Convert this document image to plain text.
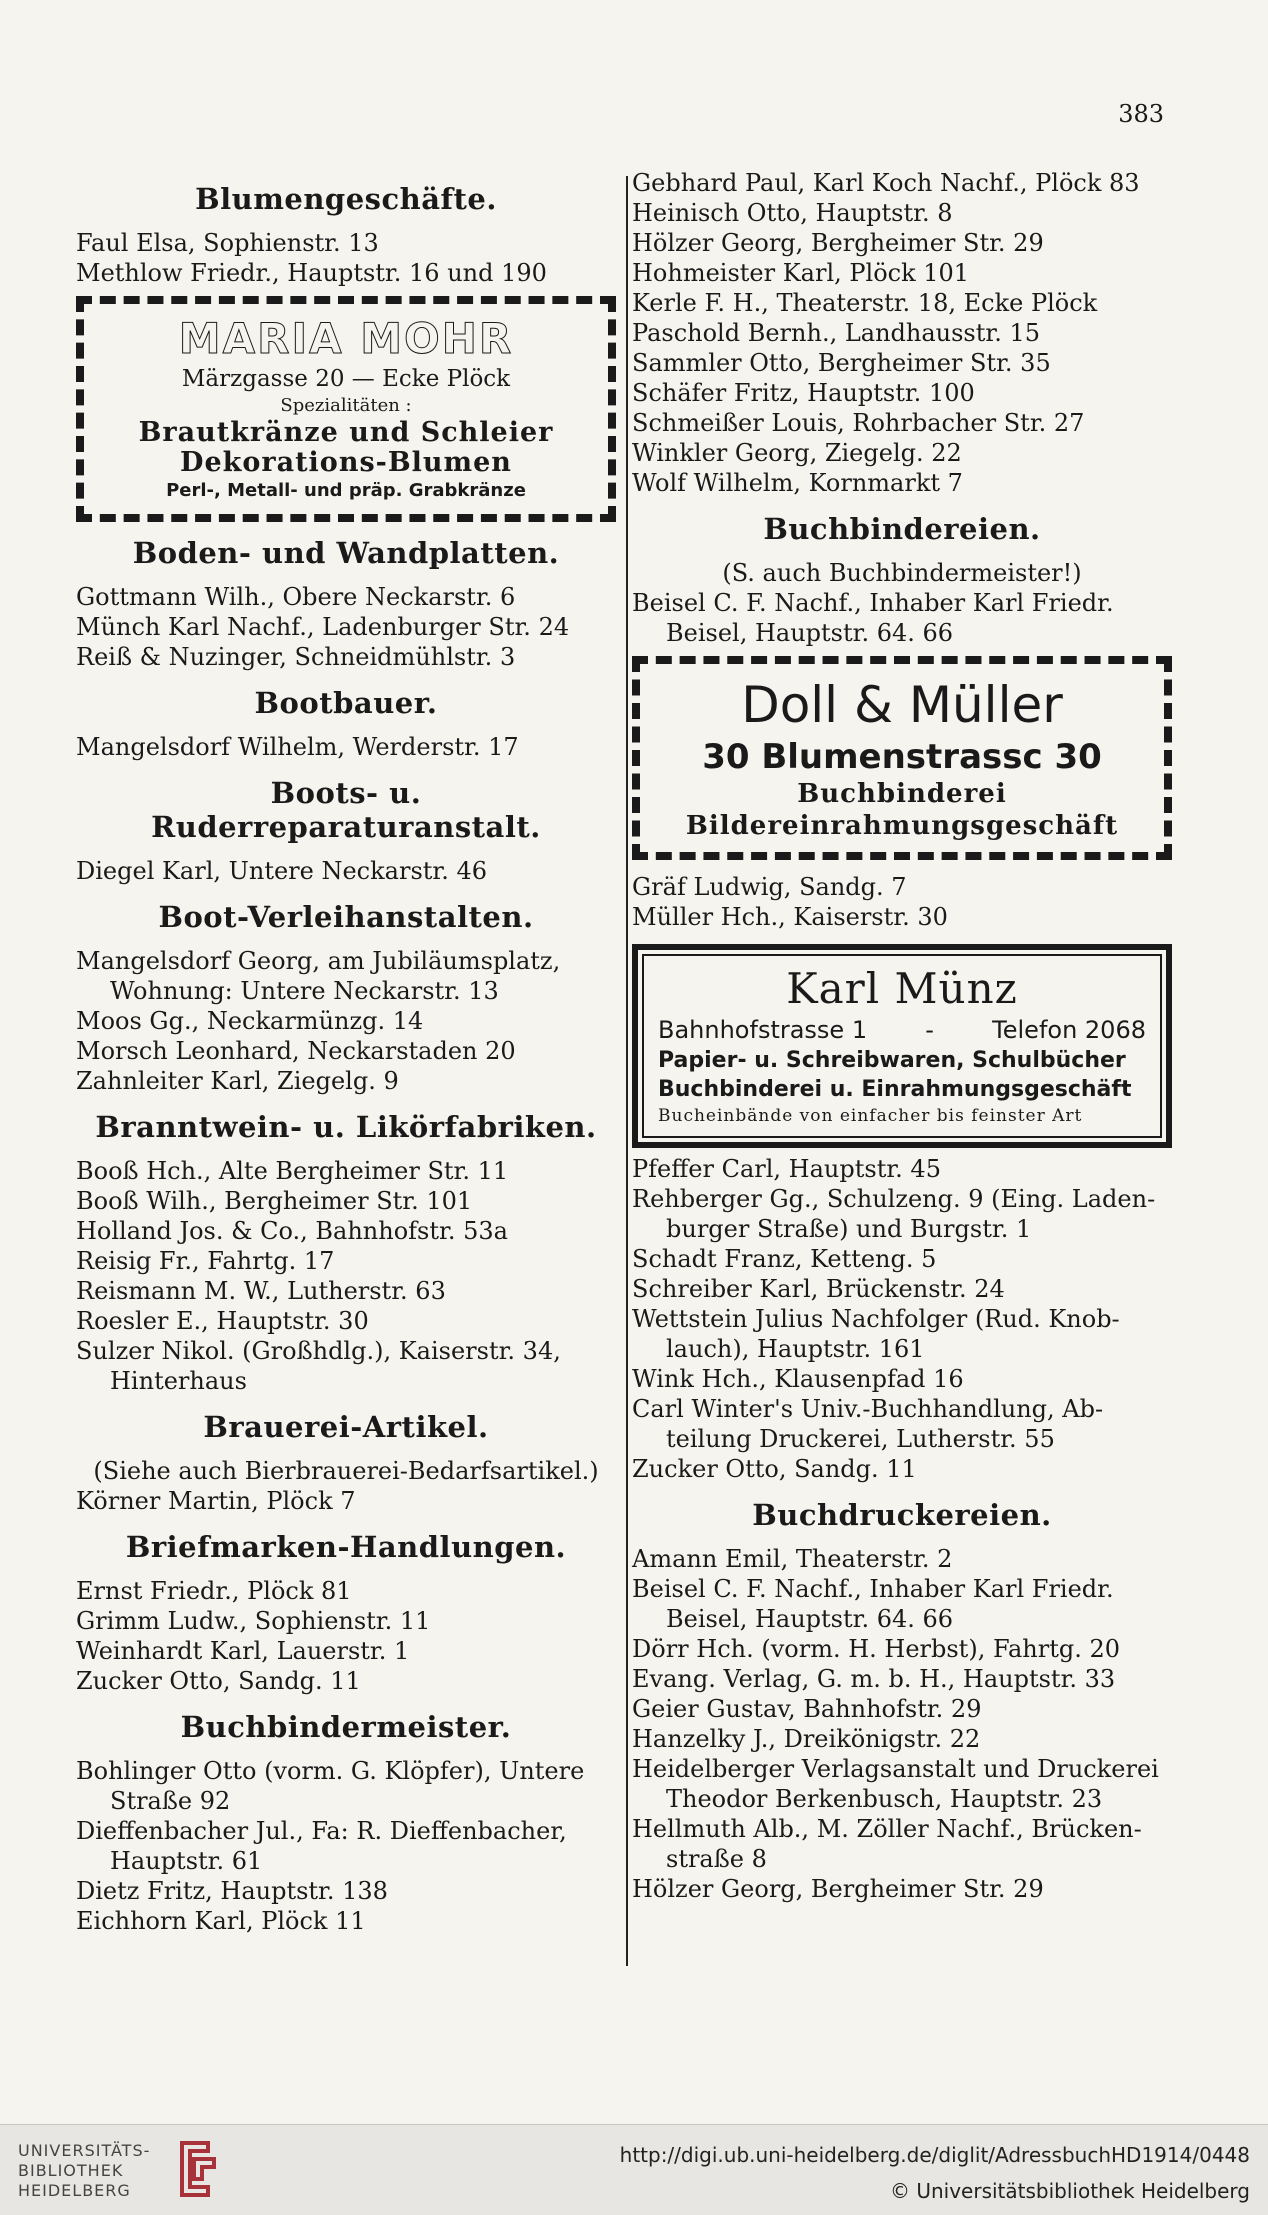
383
Blumengeschäfte.
Faul Elsa, Sophienstr. 13
Methlow Friedr., Hauptstr. 16 und 190
MARIA MOHR
Märzgasse 20 — Ecke Plöck
Spezialitäten :
Brautkränze und Schleier
Dekorations-Blumen
Perl-, Metall- und präp. Grabkränze
Boden- und Wandplatten.
Gottmann Wilh., Obere Neckarstr. 6
Münch Karl Nachf., Ladenburger Str. 24
Reiß & Nuzinger, Schneidmühlstr. 3
Bootbauer.
Mangelsdorf Wilhelm, Werderstr. 17
Boots- u. Ruderreparaturanstalt.
Diegel Karl, Untere Neckarstr. 46
Boot-Verleihanstalten.
Mangelsdorf Georg, am Jubiläumsplatz,
Wohnung: Untere Neckarstr. 13
Moos Gg., Neckarmünzg. 14
Morsch Leonhard, Neckarstaden 20
Zahnleiter Karl, Ziegelg. 9
Branntwein- u. Likörfabriken.
Booß Hch., Alte Bergheimer Str. 11
Booß Wilh., Bergheimer Str. 101
Holland Jos. & Co., Bahnhofstr. 53a
Reisig Fr., Fahrtg. 17
Reismann M. W., Lutherstr. 63
Roesler E., Hauptstr. 30
Sulzer Nikol. (Großhdlg.), Kaiserstr. 34,
Hinterhaus
Brauerei-Artikel.
(Siehe auch Bierbrauerei-Bedarfsartikel.)
Körner Martin, Plöck 7
Briefmarken-Handlungen.
Ernst Friedr., Plöck 81
Grimm Ludw., Sophienstr. 11
Weinhardt Karl, Lauerstr. 1
Zucker Otto, Sandg. 11
Buchbindermeister.
Bohlinger Otto (vorm. G. Klöpfer), Untere
Straße 92
Dieffenbacher Jul., Fa: R. Dieffenbacher,
Hauptstr. 61
Dietz Fritz, Hauptstr. 138
Eichhorn Karl, Plöck 11
Gebhard Paul, Karl Koch Nachf., Plöck 83
Heinisch Otto, Hauptstr. 8
Hölzer Georg, Bergheimer Str. 29
Hohmeister Karl, Plöck 101
Kerle F. H., Theaterstr. 18, Ecke Plöck
Paschold Bernh., Landhausstr. 15
Sammler Otto, Bergheimer Str. 35
Schäfer Fritz, Hauptstr. 100
Schmeißer Louis, Rohrbacher Str. 27
Winkler Georg, Ziegelg. 22
Wolf Wilhelm, Kornmarkt 7
Buchbindereien.
(S. auch Buchbindermeister!)
Beisel C. F. Nachf., Inhaber Karl Friedr.
Beisel, Hauptstr. 64. 66
Doll & Müller
30 Blumenstrassc 30
Buchbinderei
Bildereinrahmungsgeschäft
Gräf Ludwig, Sandg. 7
Müller Hch., Kaiserstr. 30
Karl Münz
Bahnhofstrasse 1 - Telefon 2068
Papier- u. Schreibwaren, Schulbücher
Buchbinderei u. Einrahmungsgeschäft
Bucheinbände von einfacher bis feinster Art
Pfeffer Carl, Hauptstr. 45
Rehberger Gg., Schulzeng. 9 (Eing. Laden-
burger Straße) und Burgstr. 1
Schadt Franz, Ketteng. 5
Schreiber Karl, Brückenstr. 24
Wettstein Julius Nachfolger (Rud. Knob-
lauch), Hauptstr. 161
Wink Hch., Klausenpfad 16
Carl Winter's Univ.-Buchhandlung, Ab-
teilung Druckerei, Lutherstr. 55
Zucker Otto, Sandg. 11
Buchdruckereien.
Amann Emil, Theaterstr. 2
Beisel C. F. Nachf., Inhaber Karl Friedr.
Beisel, Hauptstr. 64. 66
Dörr Hch. (vorm. H. Herbst), Fahrtg. 20
Evang. Verlag, G. m. b. H., Hauptstr. 33
Geier Gustav, Bahnhofstr. 29
Hanzelky J., Dreikönigstr. 22
Heidelberger Verlagsanstalt und Druckerei
Theodor Berkenbusch, Hauptstr. 23
Hellmuth Alb., M. Zöller Nachf., Brücken-
straße 8
Hölzer Georg, Bergheimer Str. 29
UNIVERSITÄTS-
BIBLIOTHEK
HEIDELBERG
http://digi.ub.uni-heidelberg.de/diglit/AdressbuchHD1914/0448
© Universitätsbibliothek Heidelberg
